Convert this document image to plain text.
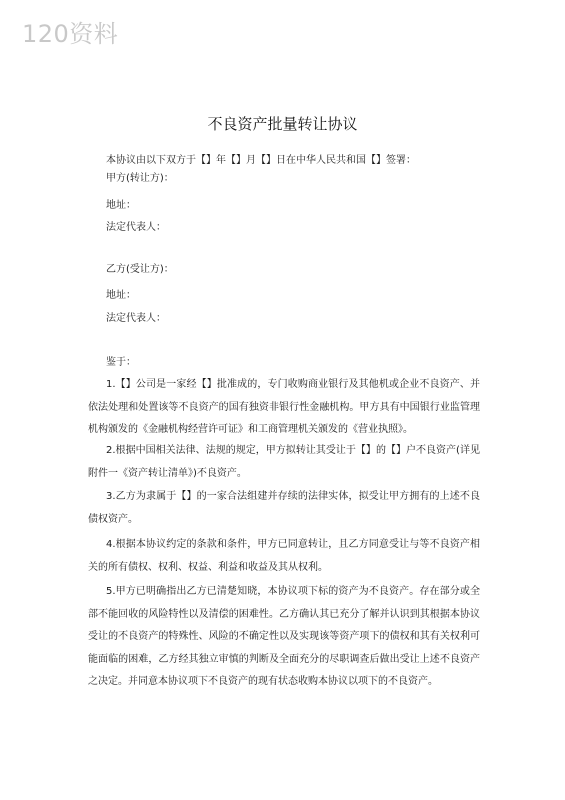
120资料
不良资产批量转让协议
本协议由以下双方于【】年【】月【】日在中华人民共和国【】签署：
甲方(转让方)：
地址：
法定代表人：
乙方(受让方)：
地址：
法定代表人：
鉴于：
1.【】公司是一家经【】批准成的，专门收购商业银行及其他机或企业不良资产、并依法处理和处置该等不良资产的国有独资非银行性金融机构。甲方具有中国银行业监管理机构颁发的《金融机构经营许可证》和工商管理机关颁发的《营业执照》。
2.根据中国相关法律、法规的规定，甲方拟转让其受让于【】的【】户不良资产(详见附件一《资产转让清单》)不良资产。
3.乙方为隶属于【】的一家合法组建并存续的法律实体，拟受让甲方拥有的上述不良债权资产。
4.根据本协议约定的条款和条件，甲方已同意转让，且乙方同意受让与等不良资产相关的所有债权、权利、权益、利益和收益及其从权利。
5.甲方已明确指出乙方已清楚知晓，本协议项下标的资产为不良资产。存在部分或全部不能回收的风险特性以及清偿的困难性。乙方确认其已充分了解并认识到其根据本协议受让的不良资产的特殊性、风险的不确定性以及实现该等资产项下的债权和其有关权利可能面临的困难，乙方经其独立审慎的判断及全面充分的尽职调查后做出受让上述不良资产之决定。并同意本协议项下不良资产的现有状态收购本协议以项下的不良资产。
